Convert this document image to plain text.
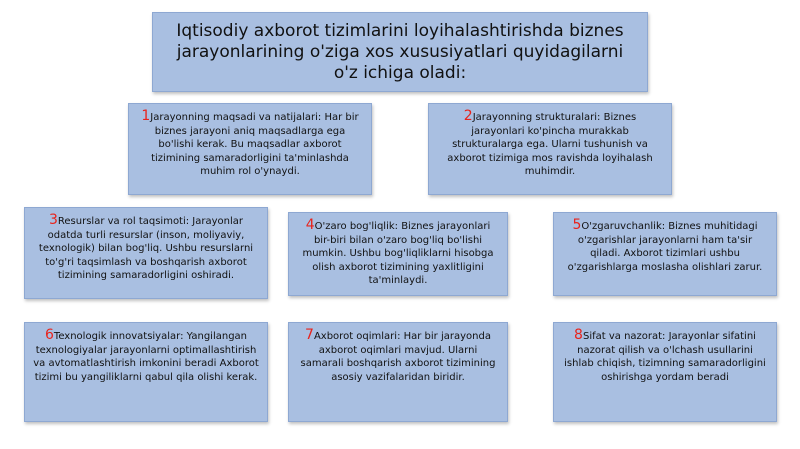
Iqtisodiy axborot tizimlarini loyihalashtirishda biznes jarayonlarining o'ziga xos xususiyatlari quyidagilarni o'z ichiga oladi:
1Jarayonning maqsadi va natijalari: Har bir biznes jarayoni aniq maqsadlarga ega bo'lishi kerak. Bu maqsadlar axborot tizimining samaradorligini ta'minlashda muhim rol o'ynaydi.
2Jarayonning strukturalari: Biznes jarayonlari ko'pincha murakkab strukturalarga ega. Ularni tushunish va axborot tizimiga mos ravishda loyihalash muhimdir.
3Resurslar va rol taqsimoti: Jarayonlar odatda turli resurslar (inson, moliyaviy, texnologik) bilan bog'liq. Ushbu resurslarni to'g'ri taqsimlash va boshqarish axborot tizimining samaradorligini oshiradi.
4O'zaro bog'liqlik: Biznes jarayonlari bir-biri bilan o'zaro bog'liq bo'lishi mumkin. Ushbu bog'liqliklarni hisobga olish axborot tizimining yaxlitligini ta'minlaydi.
5O'zgaruvchanlik: Biznes muhitidagi o'zgarishlar jarayonlarni ham ta'sir qiladi. Axborot tizimlari ushbu o'zgarishlarga moslasha olishlari zarur.
6Texnologik innovatsiyalar: Yangilangan texnologiyalar jarayonlarni optimallashtirish va avtomatlashtirish imkonini beradi Axborot tizimi bu yangiliklarni qabul qila olishi kerak.
7Axborot oqimlari: Har bir jarayonda axborot oqimlari mavjud. Ularni samarali boshqarish axborot tizimining asosiy vazifalaridan biridir.
8Sifat va nazorat: Jarayonlar sifatini nazorat qilish va o'lchash usullarini ishlab chiqish, tizimning samaradorligini oshirishga yordam beradi
